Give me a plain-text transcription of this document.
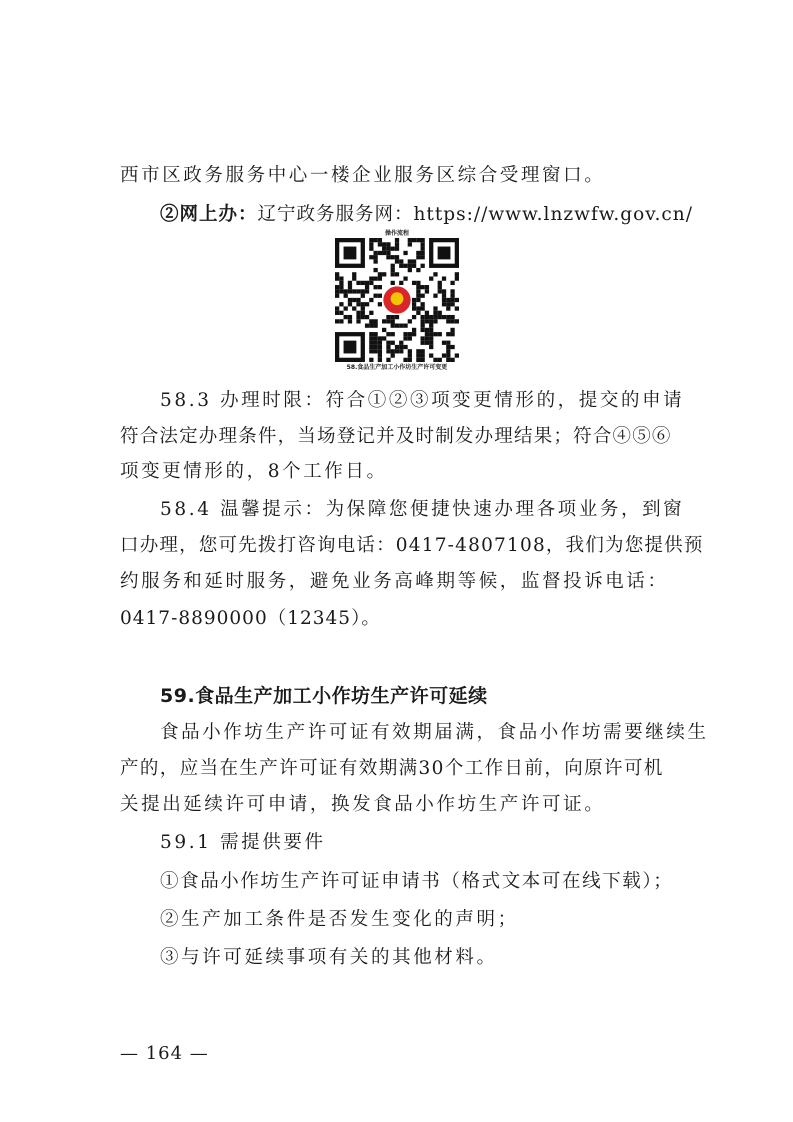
西市区政务服务中心一楼企业服务区综合受理窗口。
②网上办：辽宁政务服务网：https://www.lnzwfw.gov.cn/
操作流程
58.食品生产加工小作坊生产许可变更
58.3 办理时限：符合①②③项变更情形的，提交的申请
符合法定办理条件，当场登记并及时制发办理结果；符合④⑤⑥
项变更情形的，8个工作日。
58.4 温馨提示：为保障您便捷快速办理各项业务，到窗
口办理，您可先拨打咨询电话：0417-4807108，我们为您提供预
约服务和延时服务，避免业务高峰期等候，监督投诉电话：
0417-8890000（12345）。
59.食品生产加工小作坊生产许可延续
食品小作坊生产许可证有效期届满，食品小作坊需要继续生
产的，应当在生产许可证有效期满30个工作日前，向原许可机
关提出延续许可申请，换发食品小作坊生产许可证。
59.1 需提供要件
①食品小作坊生产许可证申请书（格式文本可在线下载）；
②生产加工条件是否发生变化的声明；
③与许可延续事项有关的其他材料。
— 164 —
